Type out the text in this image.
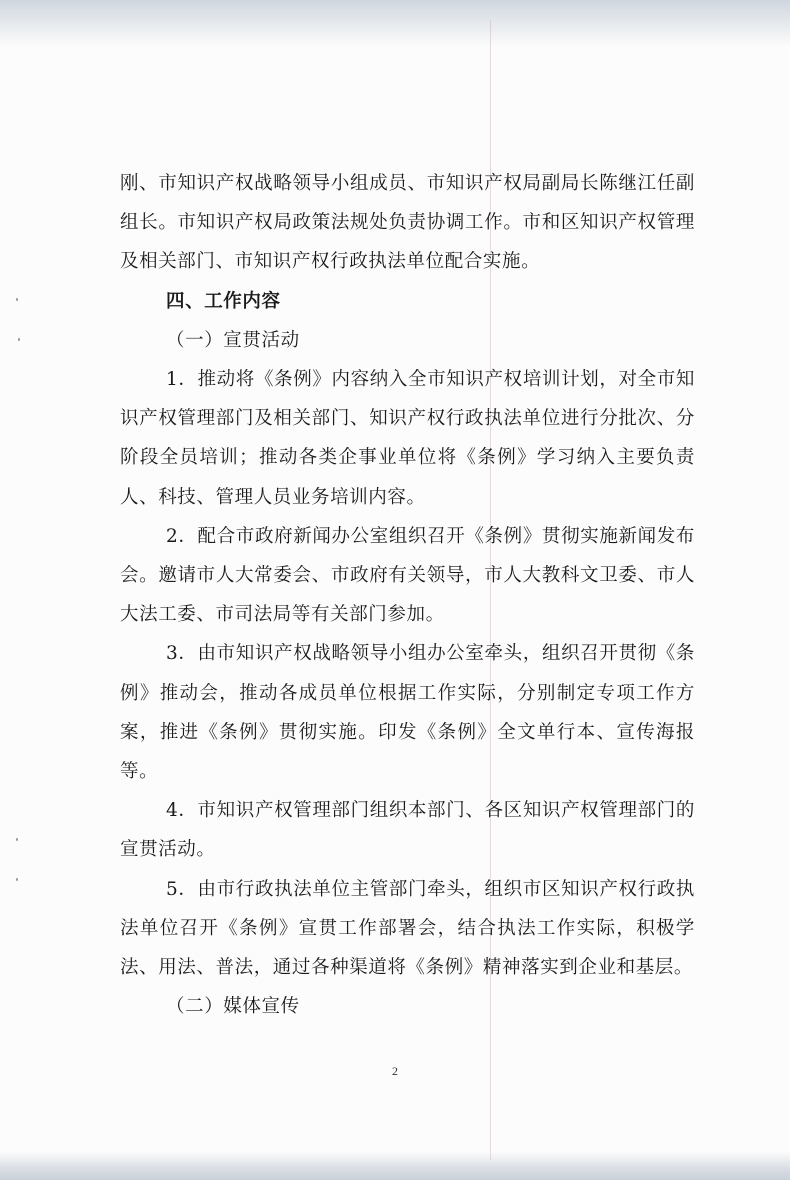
刚、市知识产权战略领导小组成员、市知识产权局副局长陈继江任副组长。市知识产权局政策法规处负责协调工作。市和区知识产权管理及相关部门、市知识产权行政执法单位配合实施。

四、工作内容

（一）宣贯活动

1．推动将《条例》内容纳入全市知识产权培训计划，对全市知识产权管理部门及相关部门、知识产权行政执法单位进行分批次、分阶段全员培训；推动各类企事业单位将《条例》学习纳入主要负责人、科技、管理人员业务培训内容。

2．配合市政府新闻办公室组织召开《条例》贯彻实施新闻发布会。邀请市人大常委会、市政府有关领导，市人大教科文卫委、市人大法工委、市司法局等有关部门参加。

3．由市知识产权战略领导小组办公室牵头，组织召开贯彻《条例》推动会，推动各成员单位根据工作实际，分别制定专项工作方案，推进《条例》贯彻实施。印发《条例》全文单行本、宣传海报等。

4．市知识产权管理部门组织本部门、各区知识产权管理部门的宣贯活动。

5．由市行政执法单位主管部门牵头，组织市区知识产权行政执法单位召开《条例》宣贯工作部署会，结合执法工作实际，积极学法、用法、普法，通过各种渠道将《条例》精神落实到企业和基层。

（二）媒体宣传

2
